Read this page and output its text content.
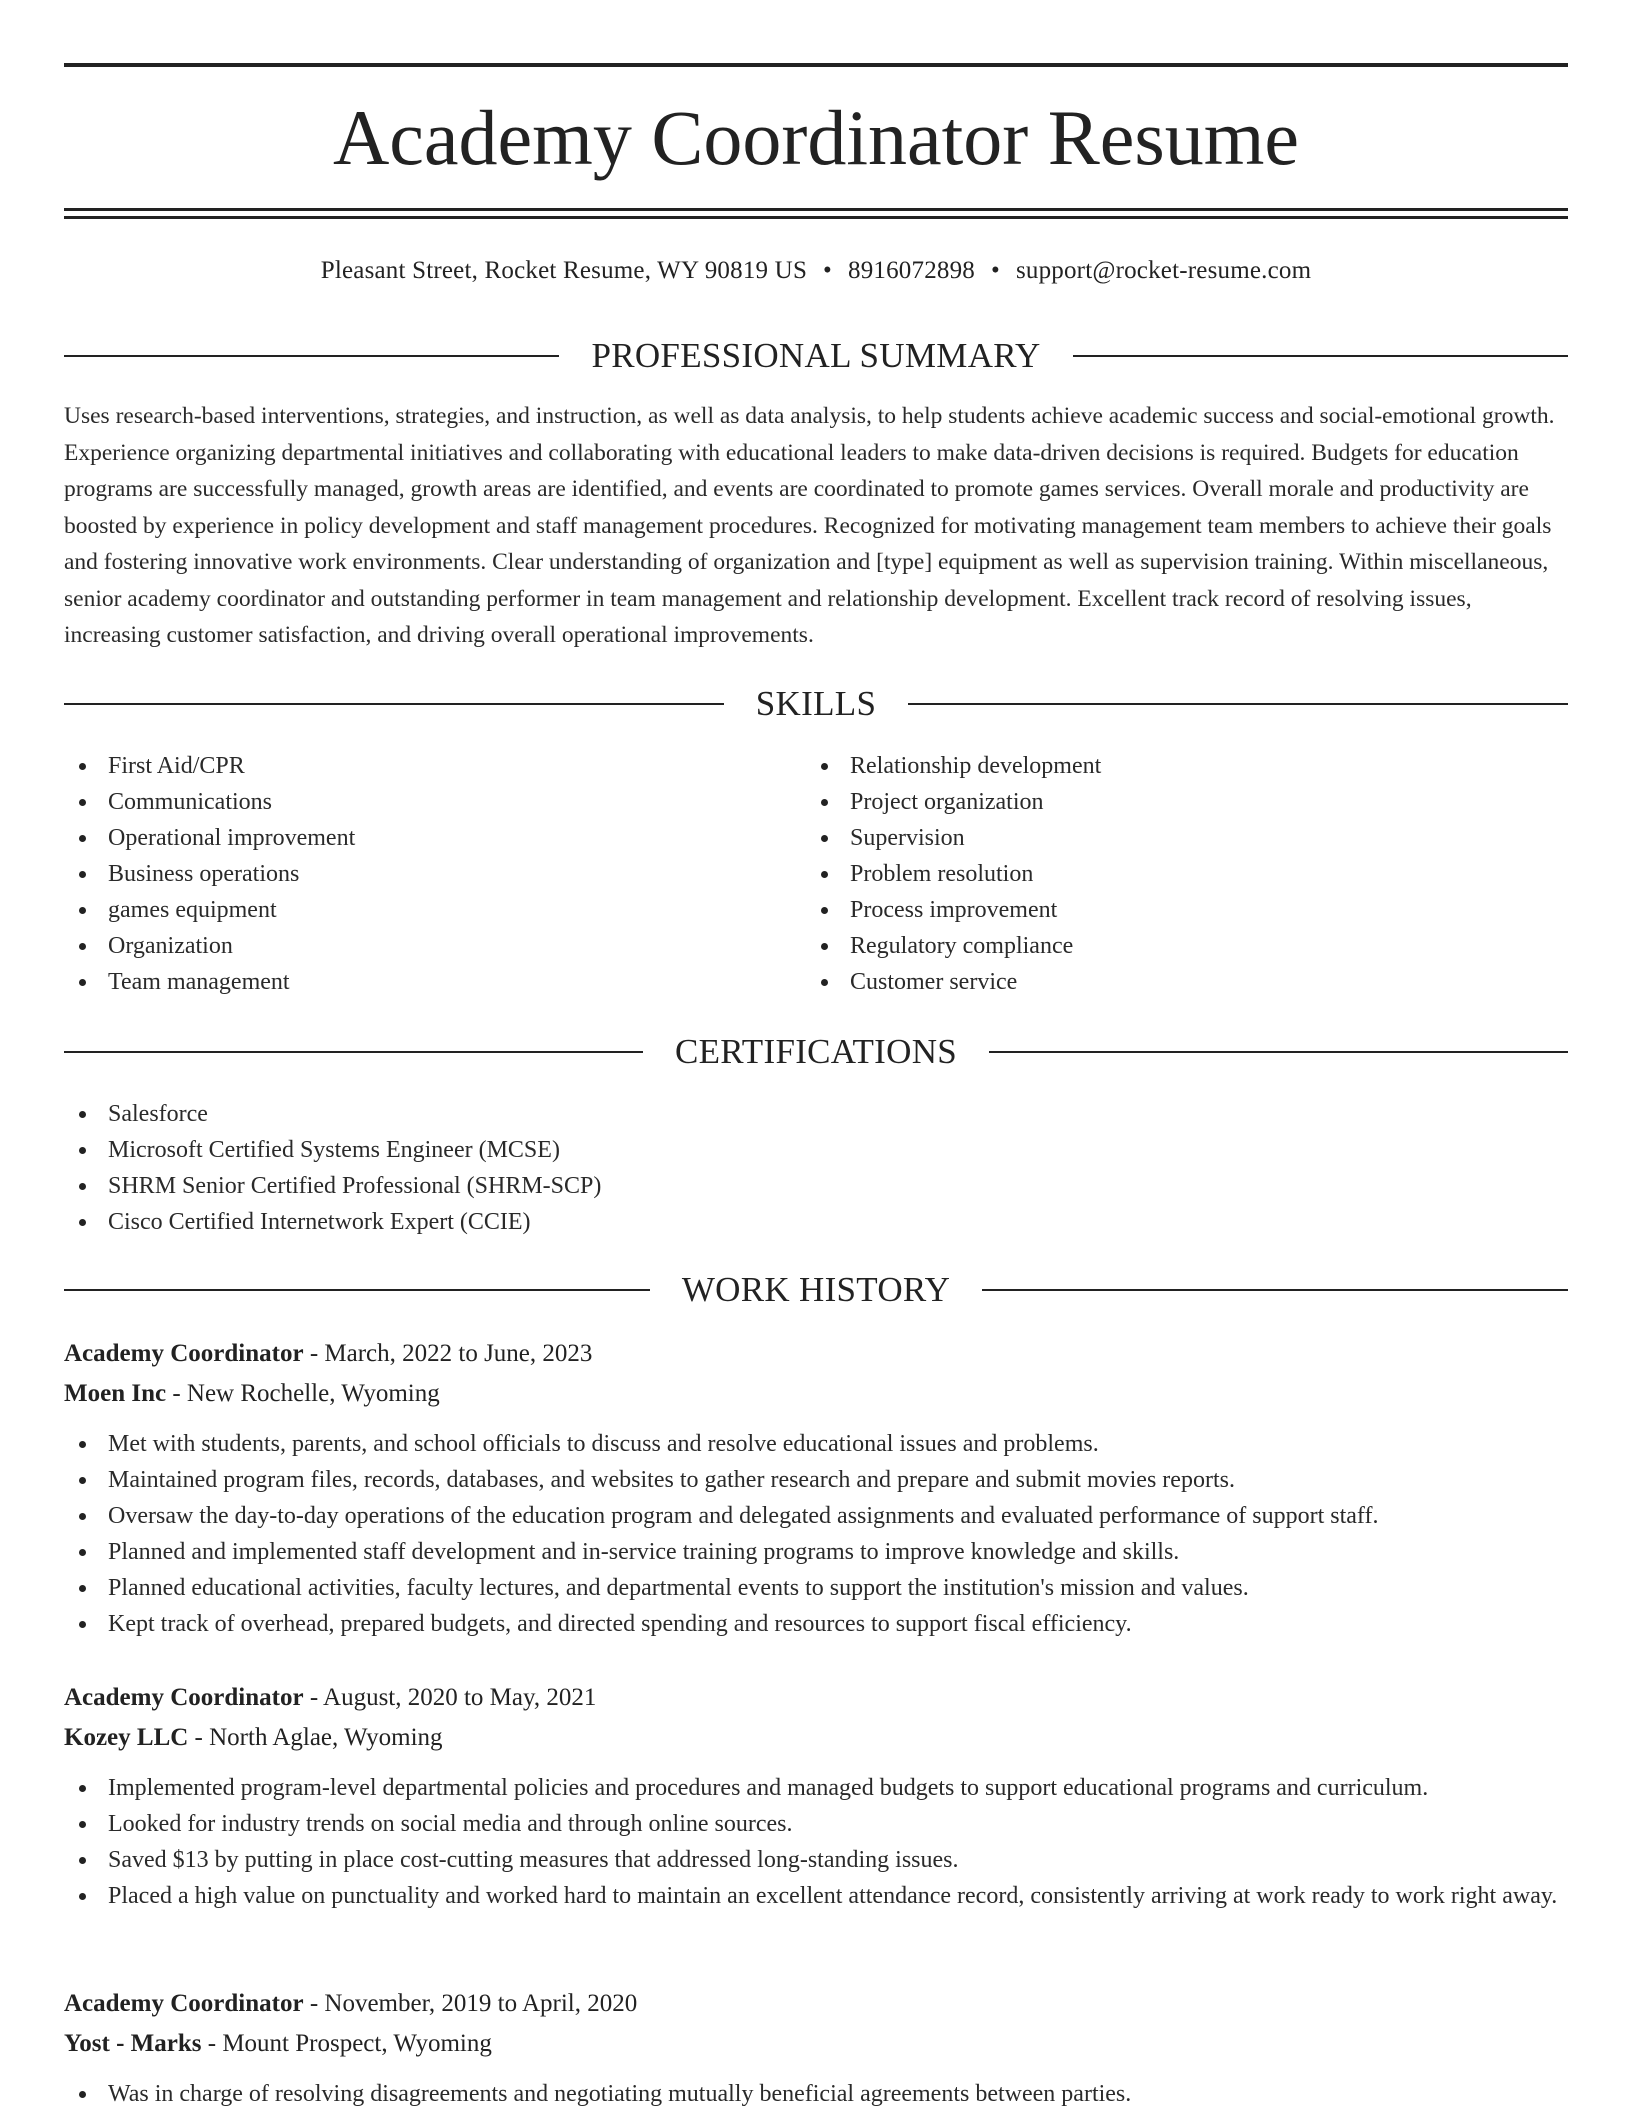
Academy Coordinator Resume
Pleasant Street, Rocket Resume, WY 90819 US • 8916072898 • support@rocket-resume.com
PROFESSIONAL SUMMARY

Uses research-based interventions, strategies, and instruction, as well as data analysis, to help students achieve academic success and social-emotional growth. Experience organizing departmental initiatives and collaborating with educational leaders to make data-driven decisions is required. Budgets for education programs are successfully managed, growth areas are identified, and events are coordinated to promote games services. Overall morale and productivity are boosted by experience in policy development and staff management procedures. Recognized for motivating management team members to achieve their goals and fostering innovative work environments. Clear understanding of organization and [type] equipment as well as supervision training. Within miscellaneous, senior academy coordinator and outstanding performer in team management and relationship development. Excellent track record of resolving issues, increasing customer satisfaction, and driving overall operational improvements.

SKILLS
First Aid/CPR
Communications
Operational improvement
Business operations
games equipment
Organization
Team management
Relationship development
Project organization
Supervision
Problem resolution
Process improvement
Regulatory compliance
Customer service
CERTIFICATIONS
Salesforce
Microsoft Certified Systems Engineer (MCSE)
SHRM Senior Certified Professional (SHRM-SCP)
Cisco Certified Internetwork Expert (CCIE)
WORK HISTORY
Academy Coordinator - March, 2022 to June, 2023
Moen Inc - New Rochelle, Wyoming
Met with students, parents, and school officials to discuss and resolve educational issues and problems.
Maintained program files, records, databases, and websites to gather research and prepare and submit movies reports.
Oversaw the day-to-day operations of the education program and delegated assignments and evaluated performance of support staff.
Planned and implemented staff development and in-service training programs to improve knowledge and skills.
Planned educational activities, faculty lectures, and departmental events to support the institution's mission and values.
Kept track of overhead, prepared budgets, and directed spending and resources to support fiscal efficiency.
Academy Coordinator - August, 2020 to May, 2021
Kozey LLC - North Aglae, Wyoming
Implemented program-level departmental policies and procedures and managed budgets to support educational programs and curriculum.
Looked for industry trends on social media and through online sources.
Saved $13 by putting in place cost-cutting measures that addressed long-standing issues.
Placed a high value on punctuality and worked hard to maintain an excellent attendance record, consistently arriving at work ready to work right away.
Academy Coordinator - November, 2019 to April, 2020
Yost - Marks - Mount Prospect, Wyoming
Was in charge of resolving disagreements and negotiating mutually beneficial agreements between parties.
